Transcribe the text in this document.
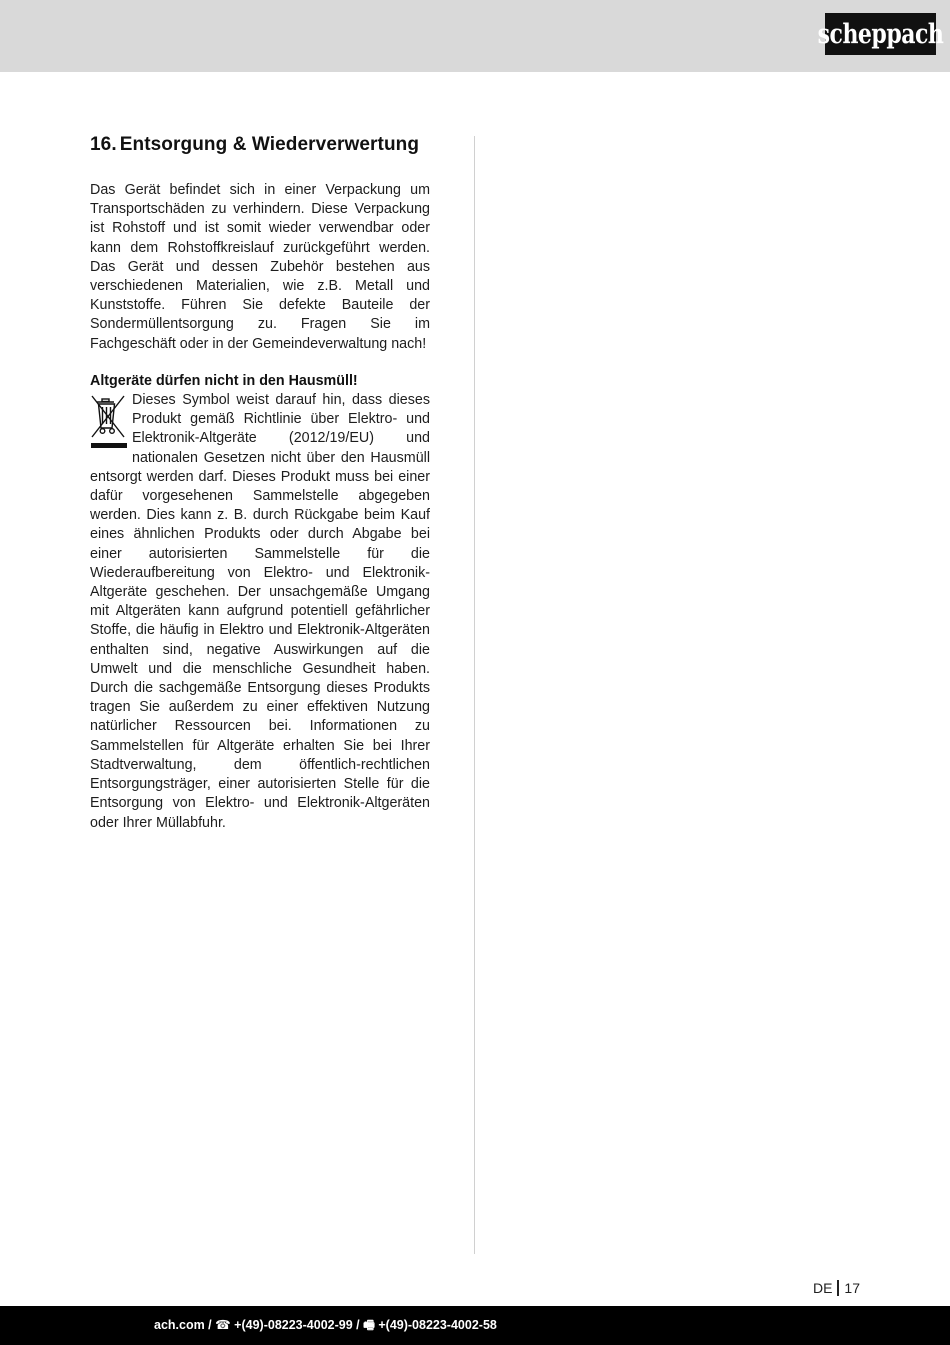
scheppach
16. Entsorgung & Wiederverwertung

Das Gerät befindet sich in einer Verpackung um Transportschäden zu verhindern. Diese Verpackung ist Rohstoff und ist somit wieder verwendbar oder kann dem Rohstoffkreislauf zurückgeführt werden. Das Gerät und dessen Zubehör bestehen aus verschiedenen Materialien, wie z.B. Metall und Kunststoffe. Führen Sie defekte Bauteile der Sondermüllentsorgung zu. Fragen Sie im Fachgeschäft oder in der Gemeindeverwaltung nach!

Altgeräte dürfen nicht in den Hausmüll!

Dieses Symbol weist darauf hin, dass dieses Produkt gemäß Richtlinie über Elektro- und Elektronik-Altgeräte (2012/19/EU) und nationalen Gesetzen nicht über den Hausmüll entsorgt werden darf. Dieses Produkt muss bei einer dafür vorgesehenen Sammelstelle abgegeben werden. Dies kann z. B. durch Rückgabe beim Kauf eines ähnlichen Produkts oder durch Abgabe bei einer autorisierten Sammelstelle für die Wiederaufbereitung von Elektro- und Elektronik-Altgeräte geschehen. Der unsachgemäße Umgang mit Altgeräten kann aufgrund potentiell gefährlicher Stoffe, die häufig in Elektro und Elektronik-Altgeräten enthalten sind, negative Auswirkungen auf die Umwelt und die menschliche Gesundheit haben. Durch die sachgemäße Entsorgung dieses Produkts tragen Sie außerdem zu einer effektiven Nutzung natürlicher Ressourcen bei. Informationen zu Sammelstellen für Altgeräte erhalten Sie bei Ihrer Stadtverwaltung, dem öffentlich-rechtlichen Entsorgungsträger, einer autorisierten Stelle für die Entsorgung von Elektro- und Elektronik-Altgeräten oder Ihrer Müllabfuhr.

DE 17
ach.com / ☎ +(49)-08223-4002-99 / 🖷 +(49)-08223-4002-58
